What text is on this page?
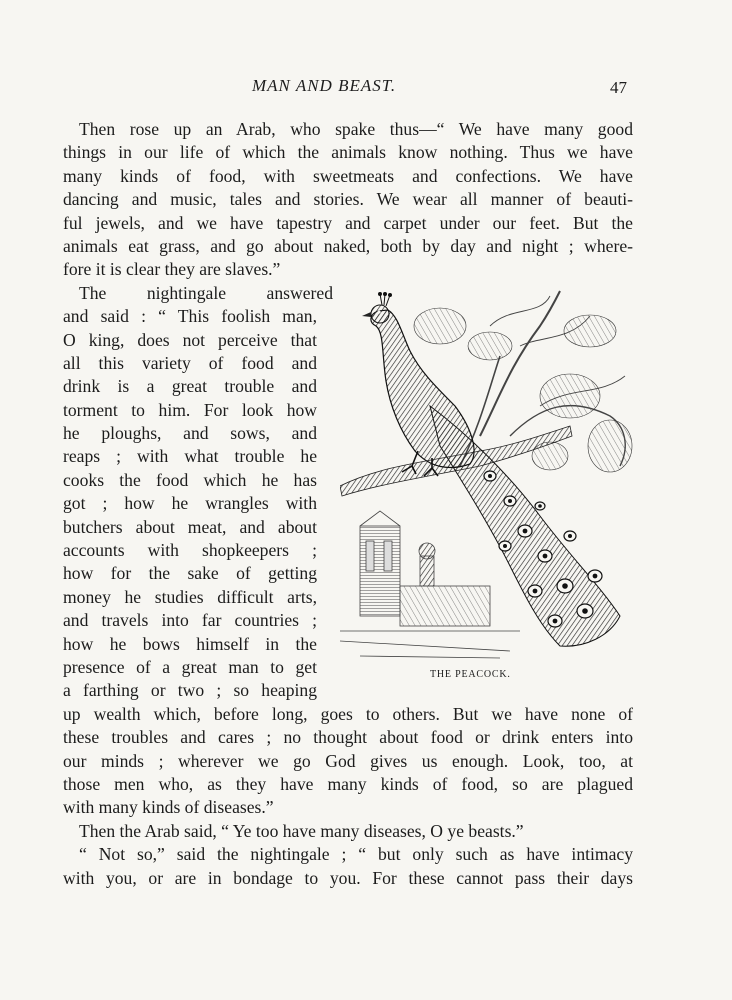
MAN AND BEAST.	47
Then rose up an Arab, who spake thus—“ We have many good
things in our life of which the animals know nothing. Thus we have
many kinds of food, with sweetmeats and confections. We have
dancing and music, tales and stories. We wear all manner of beauti-
ful jewels, and we have tapestry and carpet under our feet. But the
animals eat grass, and go about naked, both by day and night ; where-
fore it is clear they are slaves.”
The nightingale answered
and said : “ This foolish man,
O king, does not perceive that
all this variety of food and
drink is a great trouble and
torment to him. For look how
he ploughs, and sows, and
reaps ; with what trouble he
cooks the food which he has
got ; how he wrangles with
butchers about meat, and about
accounts with shopkeepers ;
how for the sake of getting
money he studies difficult arts,
and travels into far countries ;
how he bows himself in the
presence of a great man to get
a farthing or two ; so heaping
up wealth which, before long, goes to others. But we have none of
these troubles and cares ; no thought about food or drink enters into
our minds ; wherever we go God gives us enough. Look, too, at
those men who, as they have many kinds of food, so are plagued
with many kinds of diseases.”
Then the Arab said, “ Ye too have many diseases, O ye beasts.”
“ Not so,” said the nightingale ; “ but only such as have intimacy
with you, or are in bondage to you. For these cannot pass their days
THE PEACOCK.
